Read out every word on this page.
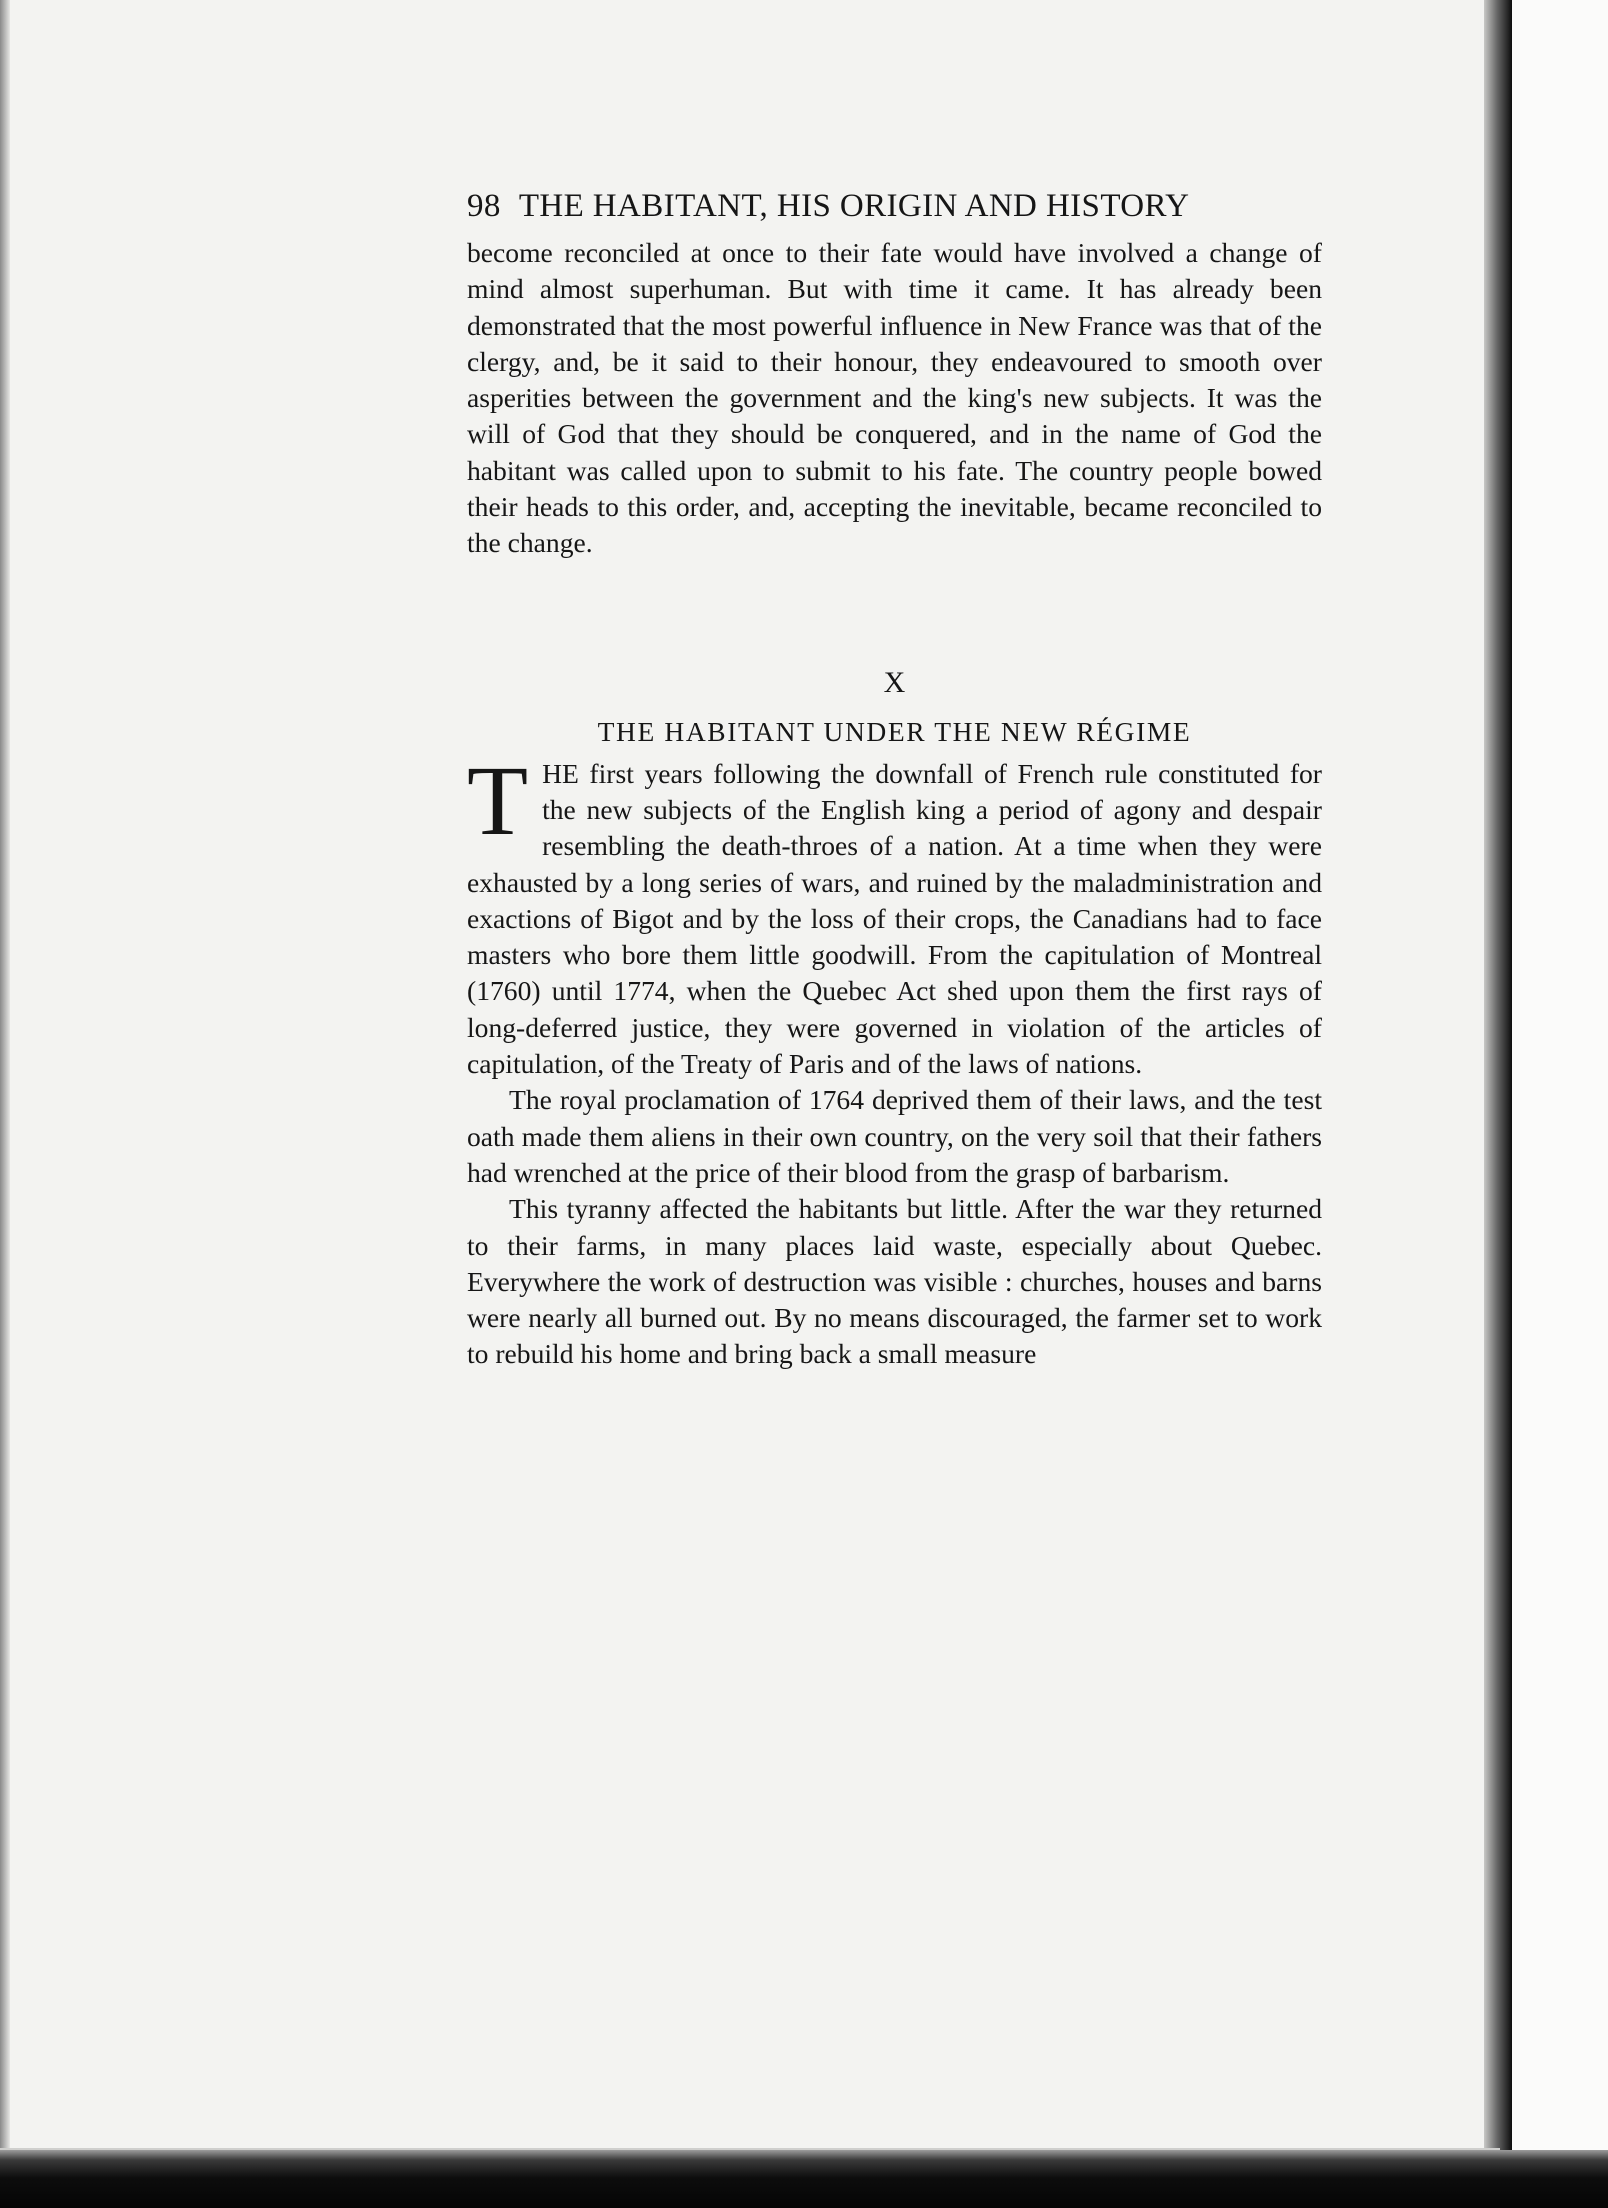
98 THE HABITANT, HIS ORIGIN AND HISTORY

become reconciled at once to their fate would have involved a change of mind almost superhuman. But with time it came. It has already been demonstrated that the most powerful influence in New France was that of the clergy, and, be it said to their honour, they endeavoured to smooth over asperities between the government and the king's new subjects. It was the will of God that they should be conquered, and in the name of God the habitant was called upon to submit to his fate. The country people bowed their heads to this order, and, accepting the inevitable, became reconciled to the change.

X
THE HABITANT UNDER THE NEW RÉGIME

THE first years following the downfall of French rule constituted for the new subjects of the English king a period of agony and despair resembling the death-throes of a nation. At a time when they were exhausted by a long series of wars, and ruined by the maladministration and exactions of Bigot and by the loss of their crops, the Canadians had to face masters who bore them little goodwill. From the capitulation of Montreal (1760) until 1774, when the Quebec Act shed upon them the first rays of long-deferred justice, they were governed in violation of the articles of capitulation, of the Treaty of Paris and of the laws of nations.

The royal proclamation of 1764 deprived them of their laws, and the test oath made them aliens in their own country, on the very soil that their fathers had wrenched at the price of their blood from the grasp of barbarism.

This tyranny affected the habitants but little. After the war they returned to their farms, in many places laid waste, especially about Quebec. Everywhere the work of destruction was visible : churches, houses and barns were nearly all burned out. By no means discouraged, the farmer set to work to rebuild his home and bring back a small measure
